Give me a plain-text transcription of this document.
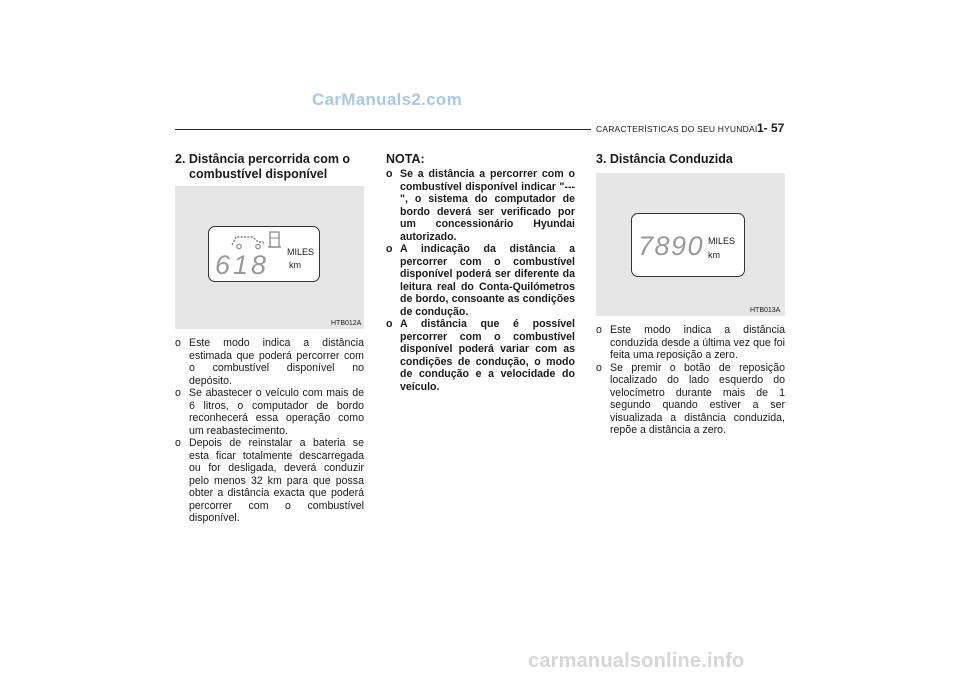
CarManuals2.com
CARACTERÍSTICAS DO SEU HYUNDAI 1- 57
2. Distância percorrida com o
combustível disponível
618 MILES
km
HTB012A
o Este modo indica a distância estimada que poderá percorrer com o combustível disponível no depósito.
o Se abastecer o veículo com mais de 6 litros, o computador de bordo reconhecerá essa operação como um reabastecimento.
o Depois de reinstalar a bateria se esta ficar totalmente descarregada ou for desligada, deverá conduzir pelo menos 32 km para que possa obter a distância exacta que poderá percorrer com o combustível disponível.
NOTA:
o Se a distância a percorrer com o combustível disponível indicar "---", o sistema do computador de bordo deverá ser verificado por um concessionário Hyundai autorizado.
o A indicação da distância a percorrer com o combustível disponível poderá ser diferente da leitura real do Conta-Quilómetros de bordo, consoante as condições de condução.
o A distância que é possível percorrer com o combustível disponível poderá variar com as condições de condução, o modo de condução e a velocidade do veículo.
3. Distância Conduzida
7890 MILES
km
HTB013A
o Este modo indica a distância conduzida desde a última vez que foi feita uma reposição a zero.
o Se premir o botão de reposição localizado do lado esquerdo do velocímetro durante mais de 1 segundo quando estiver a ser visualizada a distância conduzida, repõe a distância a zero.
carmanualsonline.info
